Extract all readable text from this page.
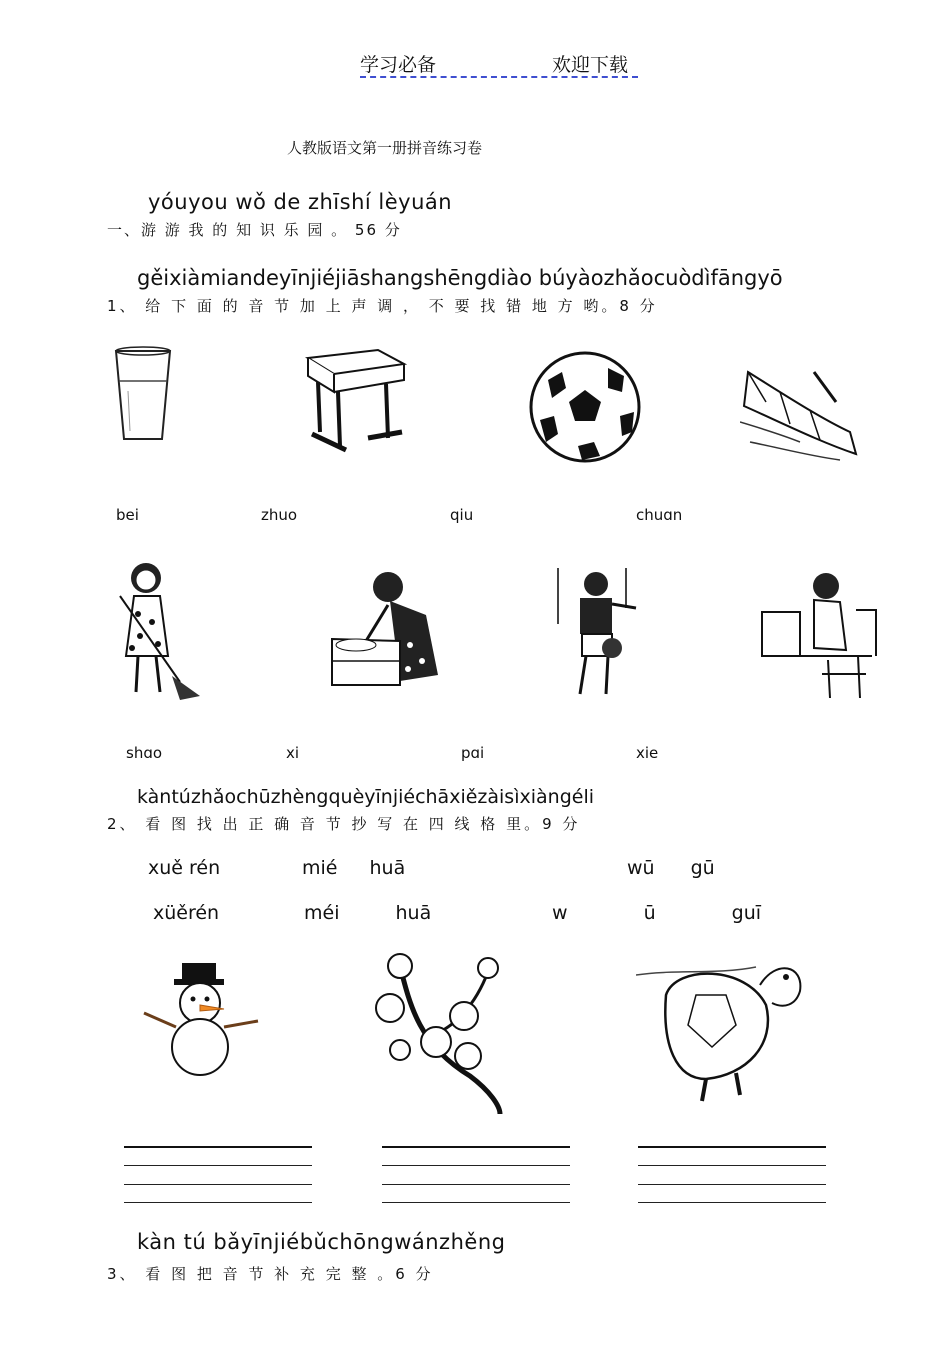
学习必备	欢迎下载
人教版语文第一册拼音练习卷
yóuyou wǒ de zhīshí lèyuán
一、游 游 我 的 知 识 乐 园 。 56 分
gěixiàmiandeyīnjiéjiāshangshēngdiào búyàozhǎocuòdìfāngyō
1、 给 下 面 的 音 节 加 上 声 调 ， 不 要 找 错 地 方 哟。8 分
bei	zhuo	qiu	chuɑn
shɑo	xi	pɑi	xie
kàntúzhǎochūzhèngquèyīnjiéchāxiězàisìxiàngéli
2、 看 图 找 出 正 确 音 节 抄 写 在 四 线 格 里。9 分
xuě rén	mié huā	wū gū
xüěrén	méi huā	w ū guī
kàn tú bǎyīnjiébǔchōngwánzhěng
3、 看 图 把 音 节 补 充 完 整 。6 分
